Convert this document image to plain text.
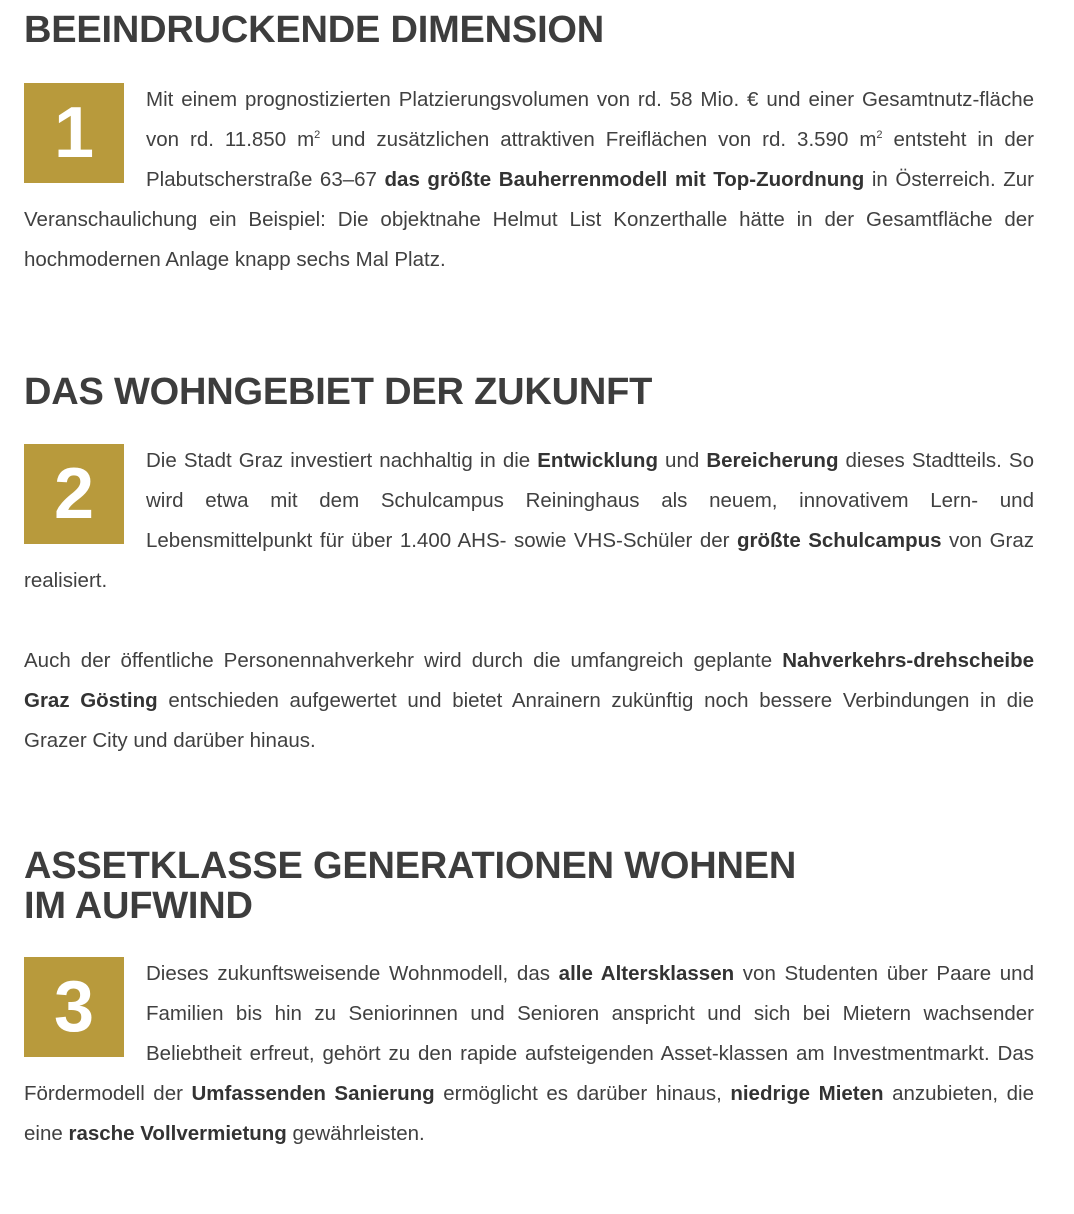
BEEINDRUCKENDE DIMENSION
1	Mit einem prognostizierten Platzierungsvolumen von rd. 58 Mio. € und einer Gesamtnutz-fläche von rd. 11.850 $m^2$ und zusätzlichen attraktiven Freiflächen von rd. 3.590 $m^2$ entsteht in der Plabutscherstraße 63–67 das größte Bauherrenmodell mit Top-Zuordnung in Österreich. Zur Veranschaulichung ein Beispiel: Die objektnahe Helmut List Konzerthalle hätte in der Gesamtfläche der hochmodernen Anlage knapp sechs Mal Platz.

DAS WOHNGEBIET DER ZUKUNFT
2	Die Stadt Graz investiert nachhaltig in die Entwicklung und Bereicherung dieses Stadtteils. So wird etwa mit dem Schulcampus Reininghaus als neuem, innovativem Lern- und Lebensmittelpunkt für über 1.400 AHS- sowie VHS-Schüler der größte Schulcampus von Graz realisiert.

Auch der öffentliche Personennahverkehr wird durch die umfangreich geplante Nahverkehrs-drehscheibe Graz Gösting entschieden aufgewertet und bietet Anrainern zukünftig noch bessere Verbindungen in die Grazer City und darüber hinaus.

ASSETKLASSE GENERATIONEN WOHNEN
IM AUFWIND
3	Dieses zukunftsweisende Wohnmodell, das alle Altersklassen von Studenten über Paare und Familien bis hin zu Seniorinnen und Senioren anspricht und sich bei Mietern wachsender Beliebtheit erfreut, gehört zu den rapide aufsteigenden Asset-klassen am Investmentmarkt. Das Fördermodell der Umfassenden Sanierung ermöglicht es darüber hinaus, niedrige Mieten anzubieten, die eine rasche Vollvermietung gewährleisten.
